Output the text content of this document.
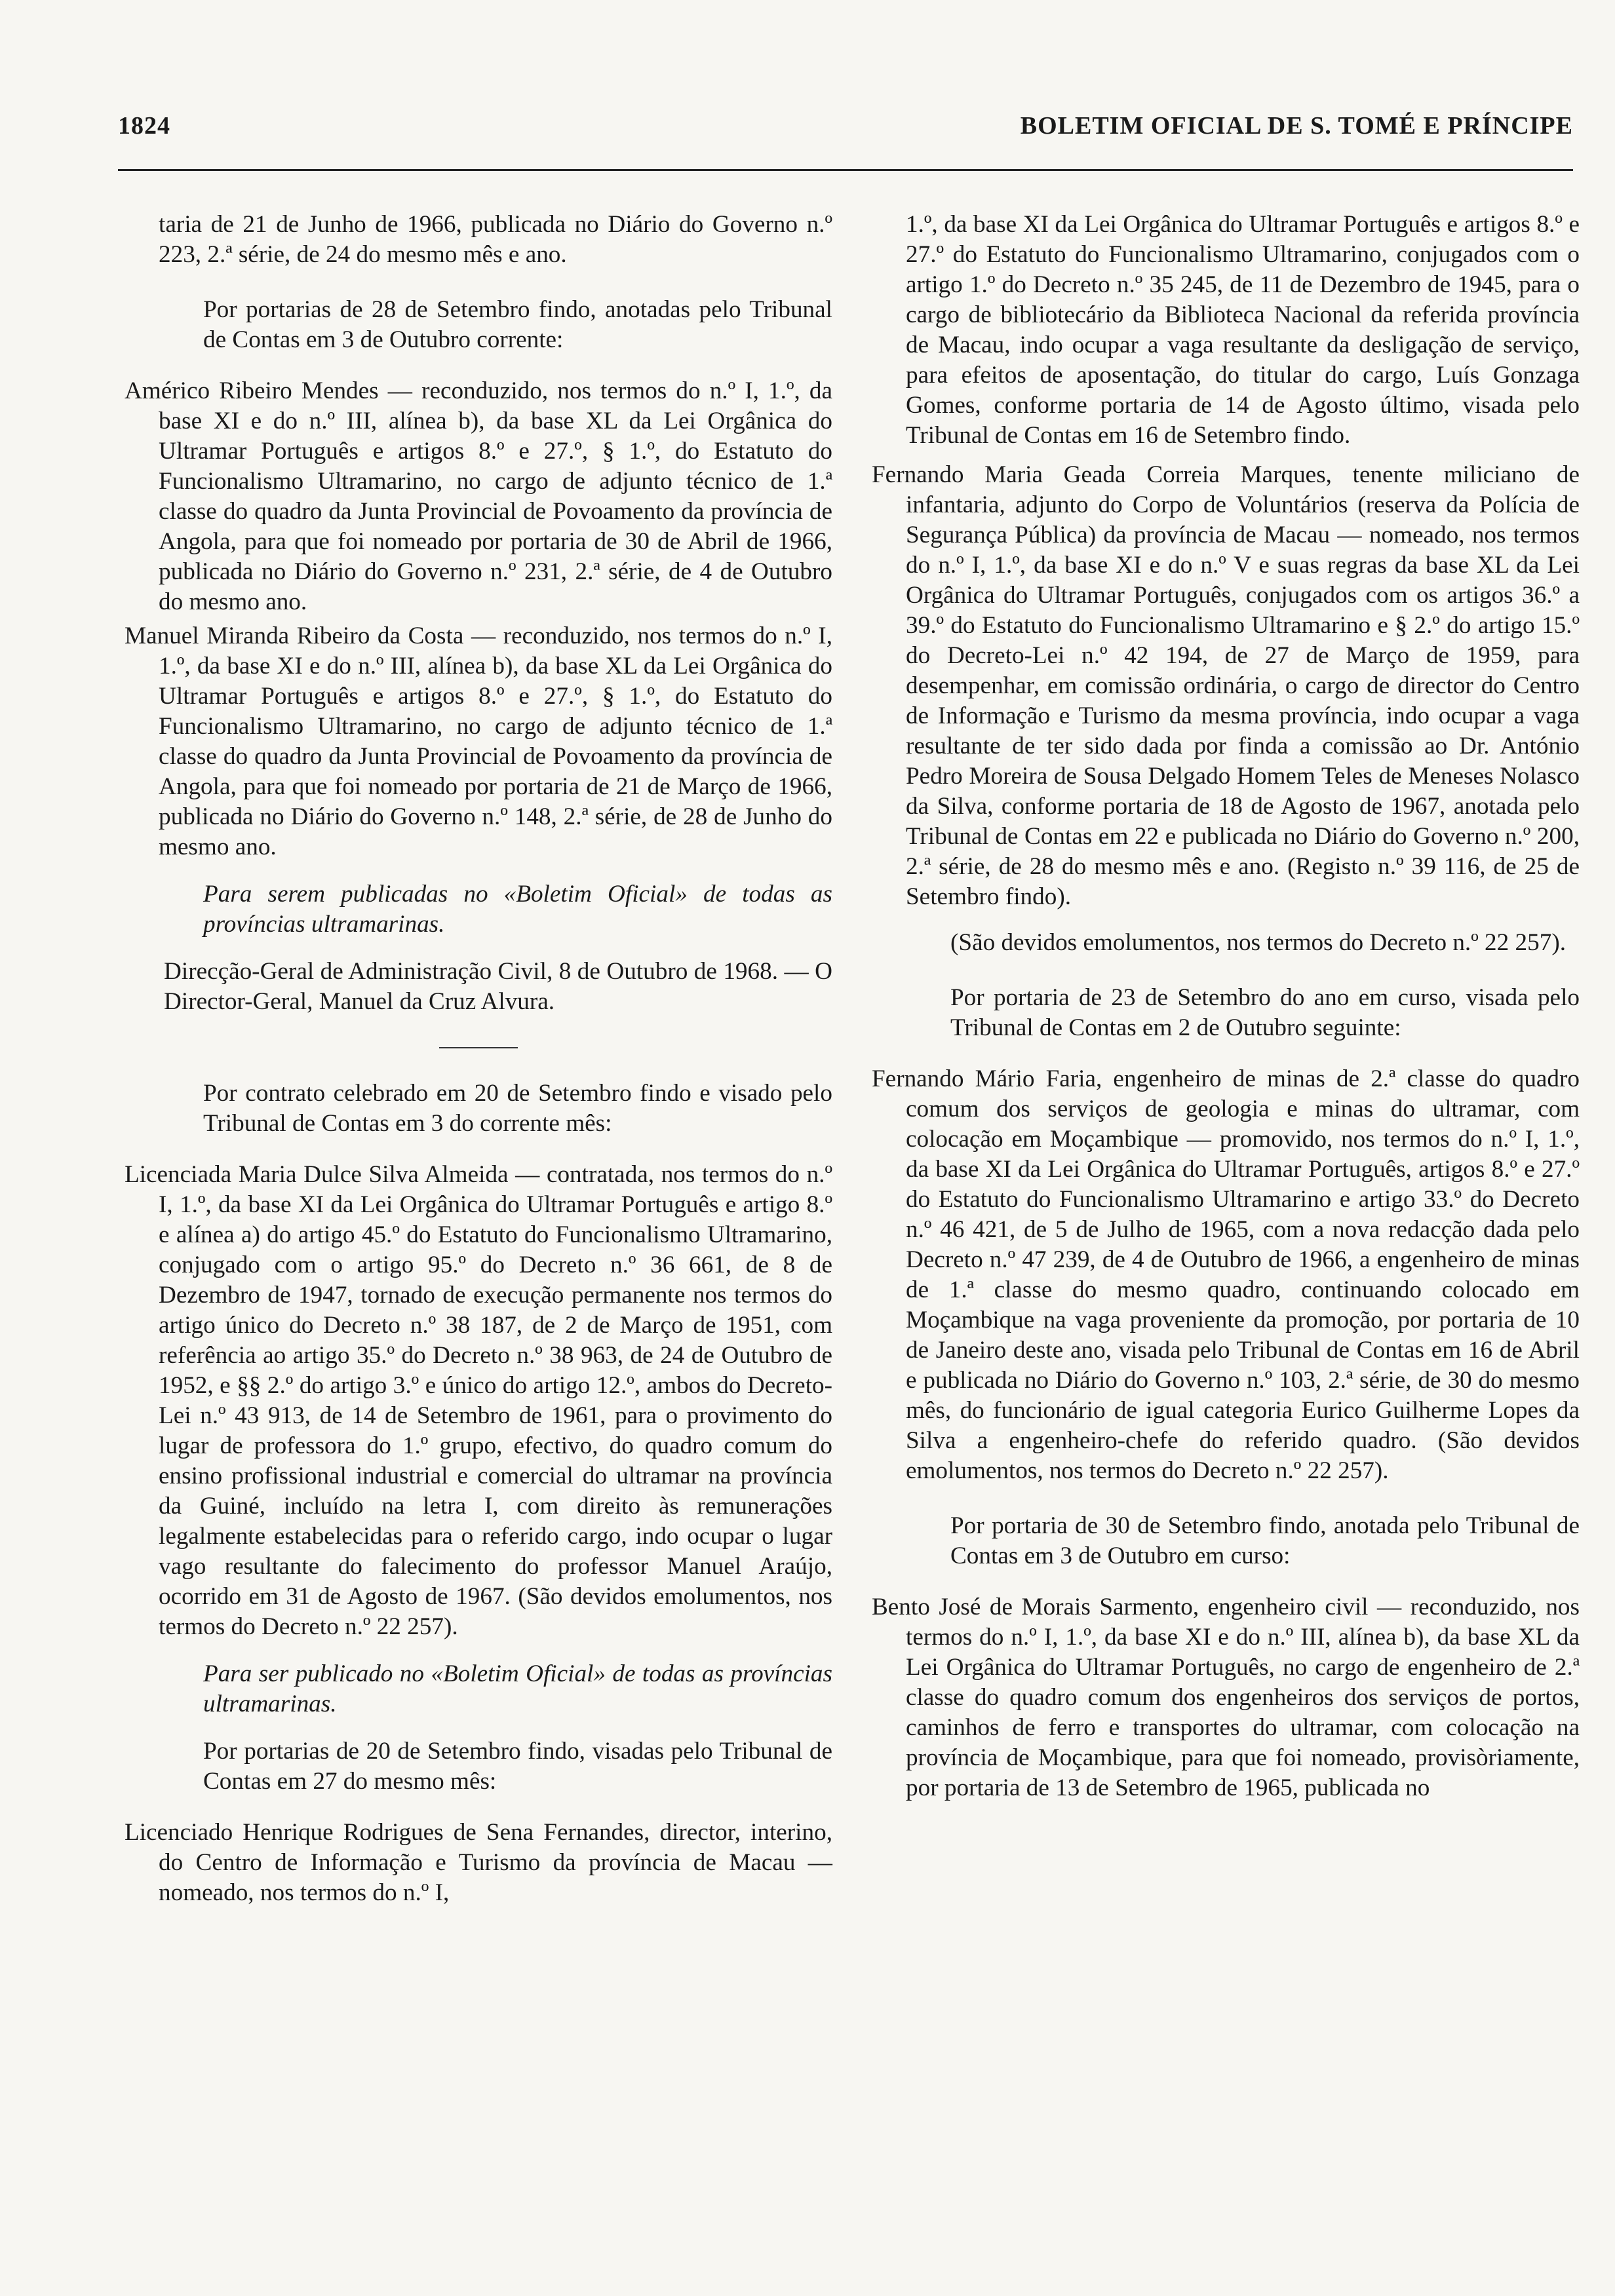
1824	BOLETIM OFICIAL DE S. TOMÉ E PRÍNCIPE

taria de 21 de Junho de 1966, publicada no Diário do Governo n.º 223, 2.ª série, de 24 do mesmo mês e ano.

Por portarias de 28 de Setembro findo, anotadas pelo Tribunal de Contas em 3 de Outubro corrente:

Américo Ribeiro Mendes — reconduzido, nos termos do n.º I, 1.º, da base XI e do n.º III, alínea b), da base XL da Lei Orgânica do Ultramar Português e artigos 8.º e 27.º, § 1.º, do Estatuto do Funcionalismo Ultramarino, no cargo de adjunto técnico de 1.ª classe do quadro da Junta Provincial de Povoamento da província de Angola, para que foi nomeado por portaria de 30 de Abril de 1966, publicada no Diário do Governo n.º 231, 2.ª série, de 4 de Outubro do mesmo ano.

Manuel Miranda Ribeiro da Costa — reconduzido, nos termos do n.º I, 1.º, da base XI e do n.º III, alínea b), da base XL da Lei Orgânica do Ultramar Português e artigos 8.º e 27.º, § 1.º, do Estatuto do Funcionalismo Ultramarino, no cargo de adjunto técnico de 1.ª classe do quadro da Junta Provincial de Povoamento da província de Angola, para que foi nomeado por portaria de 21 de Março de 1966, publicada no Diário do Governo n.º 148, 2.ª série, de 28 de Junho do mesmo ano.

Para serem publicadas no «Boletim Oficial» de todas as províncias ultramarinas.

Direcção-Geral de Administração Civil, 8 de Outubro de 1968. — O Director-Geral, Manuel da Cruz Alvura.

Por contrato celebrado em 20 de Setembro findo e visado pelo Tribunal de Contas em 3 do corrente mês:

Licenciada Maria Dulce Silva Almeida — contratada, nos termos do n.º I, 1.º, da base XI da Lei Orgânica do Ultramar Português e artigo 8.º e alínea a) do artigo 45.º do Estatuto do Funcionalismo Ultramarino, conjugado com o artigo 95.º do Decreto n.º 36 661, de 8 de Dezembro de 1947, tornado de execução permanente nos termos do artigo único do Decreto n.º 38 187, de 2 de Março de 1951, com referência ao artigo 35.º do Decreto n.º 38 963, de 24 de Outubro de 1952, e §§ 2.º do artigo 3.º e único do artigo 12.º, ambos do Decreto-Lei n.º 43 913, de 14 de Setembro de 1961, para o provimento do lugar de professora do 1.º grupo, efectivo, do quadro comum do ensino profissional industrial e comercial do ultramar na província da Guiné, incluído na letra I, com direito às remunerações legalmente estabelecidas para o referido cargo, indo ocupar o lugar vago resultante do falecimento do professor Manuel Araújo, ocorrido em 31 de Agosto de 1967. (São devidos emolumentos, nos termos do Decreto n.º 22 257).

Para ser publicado no «Boletim Oficial» de todas as províncias ultramarinas.

Por portarias de 20 de Setembro findo, visadas pelo Tribunal de Contas em 27 do mesmo mês:

Licenciado Henrique Rodrigues de Sena Fernandes, director, interino, do Centro de Informação e Turismo da província de Macau — nomeado, nos termos do n.º I,

1.º, da base XI da Lei Orgânica do Ultramar Português e artigos 8.º e 27.º do Estatuto do Funcionalismo Ultramarino, conjugados com o artigo 1.º do Decreto n.º 35 245, de 11 de Dezembro de 1945, para o cargo de bibliotecário da Biblioteca Nacional da referida província de Macau, indo ocupar a vaga resultante da desligação de serviço, para efeitos de aposentação, do titular do cargo, Luís Gonzaga Gomes, conforme portaria de 14 de Agosto último, visada pelo Tribunal de Contas em 16 de Setembro findo.

Fernando Maria Geada Correia Marques, tenente miliciano de infantaria, adjunto do Corpo de Voluntários (reserva da Polícia de Segurança Pública) da província de Macau — nomeado, nos termos do n.º I, 1.º, da base XI e do n.º V e suas regras da base XL da Lei Orgânica do Ultramar Português, conjugados com os artigos 36.º a 39.º do Estatuto do Funcionalismo Ultramarino e § 2.º do artigo 15.º do Decreto-Lei n.º 42 194, de 27 de Março de 1959, para desempenhar, em comissão ordinária, o cargo de director do Centro de Informação e Turismo da mesma província, indo ocupar a vaga resultante de ter sido dada por finda a comissão ao Dr. António Pedro Moreira de Sousa Delgado Homem Teles de Meneses Nolasco da Silva, conforme portaria de 18 de Agosto de 1967, anotada pelo Tribunal de Contas em 22 e publicada no Diário do Governo n.º 200, 2.ª série, de 28 do mesmo mês e ano. (Registo n.º 39 116, de 25 de Setembro findo).

(São devidos emolumentos, nos termos do Decreto n.º 22 257).

Por portaria de 23 de Setembro do ano em curso, visada pelo Tribunal de Contas em 2 de Outubro seguinte:

Fernando Mário Faria, engenheiro de minas de 2.ª classe do quadro comum dos serviços de geologia e minas do ultramar, com colocação em Moçambique — promovido, nos termos do n.º I, 1.º, da base XI da Lei Orgânica do Ultramar Português, artigos 8.º e 27.º do Estatuto do Funcionalismo Ultramarino e artigo 33.º do Decreto n.º 46 421, de 5 de Julho de 1965, com a nova redacção dada pelo Decreto n.º 47 239, de 4 de Outubro de 1966, a engenheiro de minas de 1.ª classe do mesmo quadro, continuando colocado em Moçambique na vaga proveniente da promoção, por portaria de 10 de Janeiro deste ano, visada pelo Tribunal de Contas em 16 de Abril e publicada no Diário do Governo n.º 103, 2.ª série, de 30 do mesmo mês, do funcionário de igual categoria Eurico Guilherme Lopes da Silva a engenheiro-chefe do referido quadro. (São devidos emolumentos, nos termos do Decreto n.º 22 257).

Por portaria de 30 de Setembro findo, anotada pelo Tribunal de Contas em 3 de Outubro em curso:

Bento José de Morais Sarmento, engenheiro civil — reconduzido, nos termos do n.º I, 1.º, da base XI e do n.º III, alínea b), da base XL da Lei Orgânica do Ultramar Português, no cargo de engenheiro de 2.ª classe do quadro comum dos engenheiros dos serviços de portos, caminhos de ferro e transportes do ultramar, com colocação na província de Moçambique, para que foi nomeado, provisòriamente, por portaria de 13 de Setembro de 1965, publicada no
